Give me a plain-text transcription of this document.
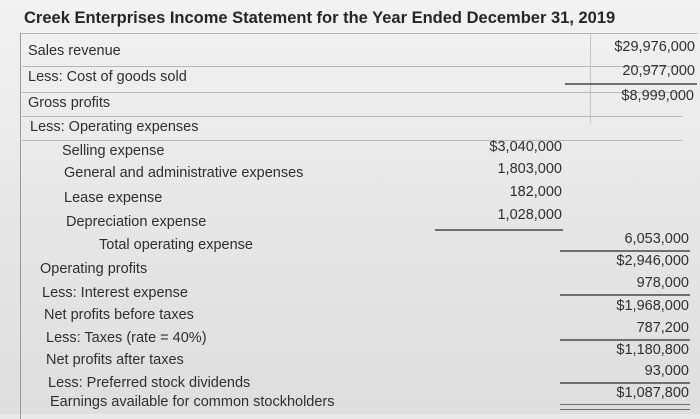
Creek Enterprises Income Statement for the Year Ended December 31, 2019
Sales revenue
Less: Cost of goods sold
Gross profits
Less: Operating expenses
Selling expense
General and administrative expenses
Lease expense
Depreciation expense
Total operating expense
Operating profits
Less: Interest expense
Net profits before taxes
Less: Taxes (rate = 40%)
Net profits after taxes
Less: Preferred stock dividends
Earnings available for common stockholders
$3,040,000
1,803,000
182,000
1,028,000
$29,976,000
20,977,000
$8,999,000
6,053,000
$2,946,000
978,000
$1,968,000
787,200
$1,180,800
93,000
$1,087,800
